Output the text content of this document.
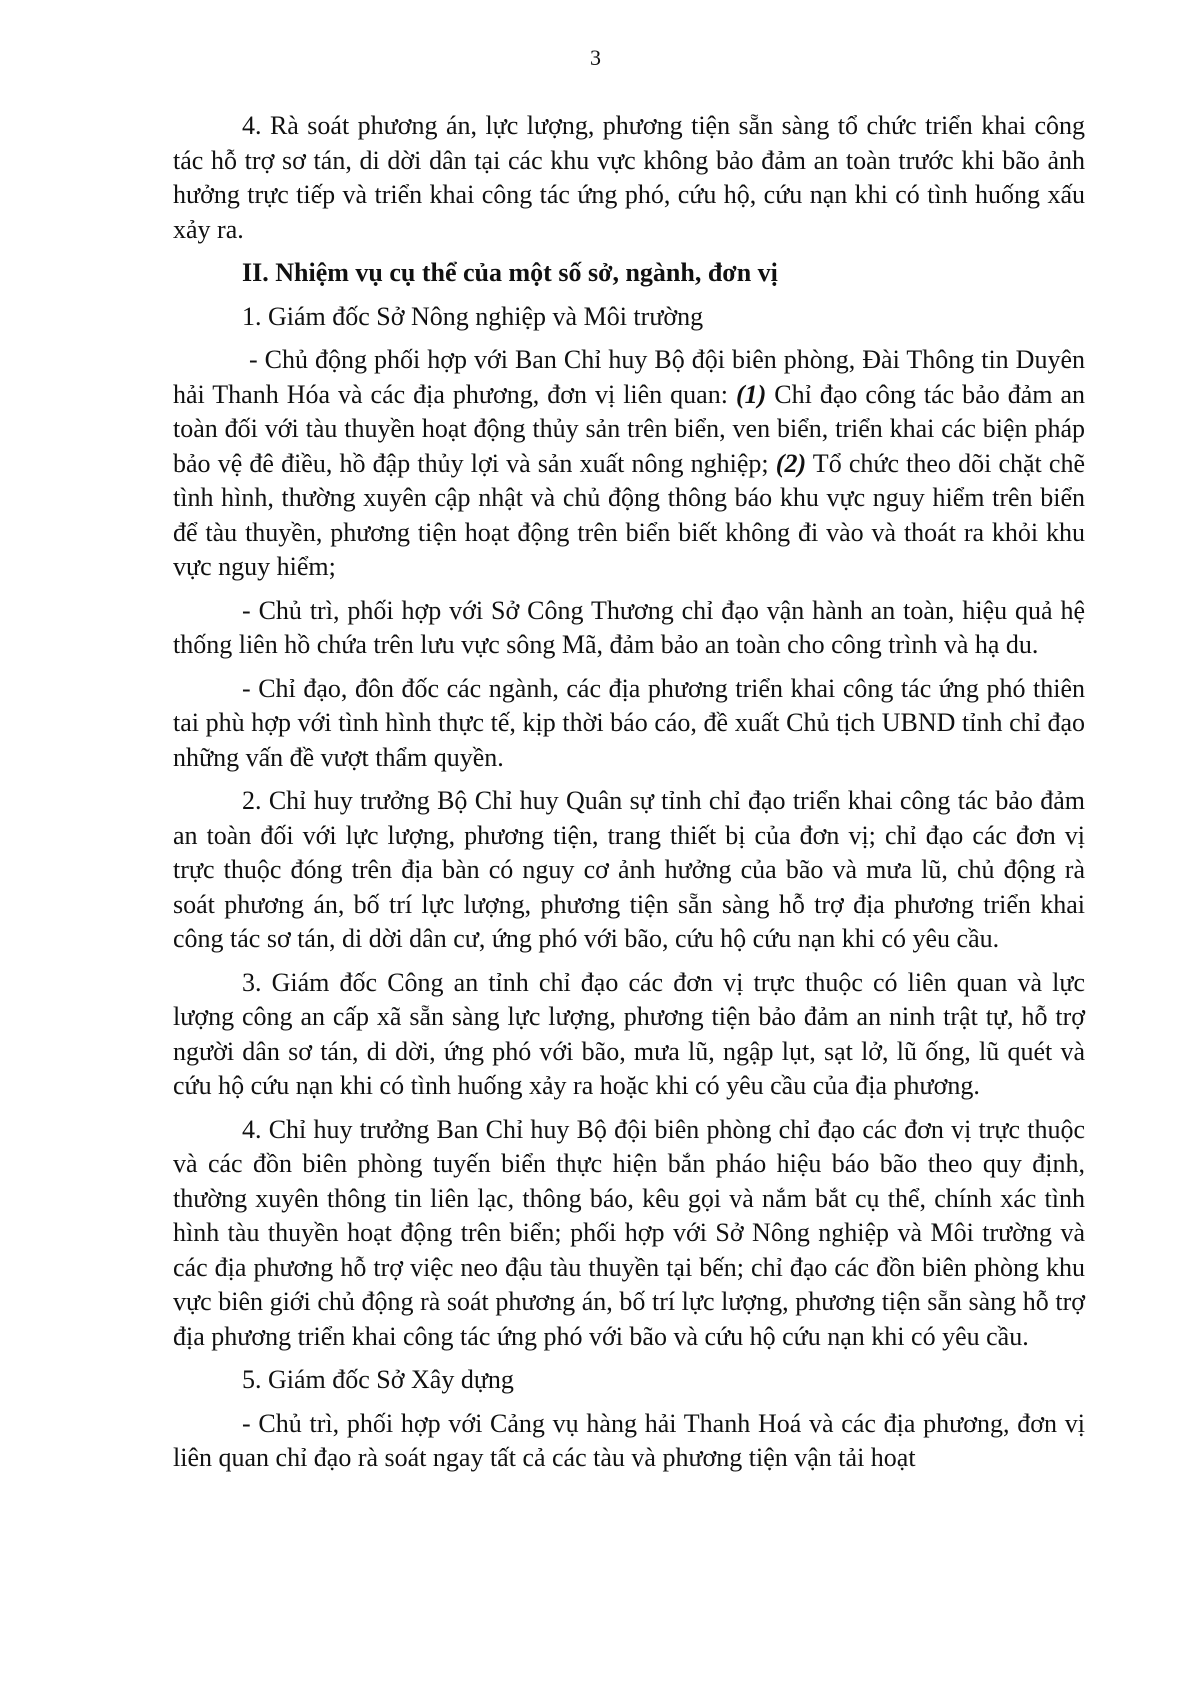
3

4. Rà soát phương án, lực lượng, phương tiện sẵn sàng tổ chức triển khai công tác hỗ trợ sơ tán, di dời dân tại các khu vực không bảo đảm an toàn trước khi bão ảnh hưởng trực tiếp và triển khai công tác ứng phó, cứu hộ, cứu nạn khi có tình huống xấu xảy ra.

II. Nhiệm vụ cụ thể của một số sở, ngành, đơn vị

1. Giám đốc Sở Nông nghiệp và Môi trường

- Chủ động phối hợp với Ban Chỉ huy Bộ đội biên phòng, Đài Thông tin Duyên hải Thanh Hóa và các địa phương, đơn vị liên quan: (1) Chỉ đạo công tác bảo đảm an toàn đối với tàu thuyền hoạt động thủy sản trên biển, ven biển, triển khai các biện pháp bảo vệ đê điều, hồ đập thủy lợi và sản xuất nông nghiệp; (2) Tổ chức theo dõi chặt chẽ tình hình, thường xuyên cập nhật và chủ động thông báo khu vực nguy hiểm trên biển để tàu thuyền, phương tiện hoạt động trên biển biết không đi vào và thoát ra khỏi khu vực nguy hiểm;

- Chủ trì, phối hợp với Sở Công Thương chỉ đạo vận hành an toàn, hiệu quả hệ thống liên hồ chứa trên lưu vực sông Mã, đảm bảo an toàn cho công trình và hạ du.

- Chỉ đạo, đôn đốc các ngành, các địa phương triển khai công tác ứng phó thiên tai phù hợp với tình hình thực tế, kịp thời báo cáo, đề xuất Chủ tịch UBND tỉnh chỉ đạo những vấn đề vượt thẩm quyền.

2. Chỉ huy trưởng Bộ Chỉ huy Quân sự tỉnh chỉ đạo triển khai công tác bảo đảm an toàn đối với lực lượng, phương tiện, trang thiết bị của đơn vị; chỉ đạo các đơn vị trực thuộc đóng trên địa bàn có nguy cơ ảnh hưởng của bão và mưa lũ, chủ động rà soát phương án, bố trí lực lượng, phương tiện sẵn sàng hỗ trợ địa phương triển khai công tác sơ tán, di dời dân cư, ứng phó với bão, cứu hộ cứu nạn khi có yêu cầu.

3. Giám đốc Công an tỉnh chỉ đạo các đơn vị trực thuộc có liên quan và lực lượng công an cấp xã sẵn sàng lực lượng, phương tiện bảo đảm an ninh trật tự, hỗ trợ người dân sơ tán, di dời, ứng phó với bão, mưa lũ, ngập lụt, sạt lở, lũ ống, lũ quét và cứu hộ cứu nạn khi có tình huống xảy ra hoặc khi có yêu cầu của địa phương.

4. Chỉ huy trưởng Ban Chỉ huy Bộ đội biên phòng chỉ đạo các đơn vị trực thuộc và các đồn biên phòng tuyến biển thực hiện bắn pháo hiệu báo bão theo quy định, thường xuyên thông tin liên lạc, thông báo, kêu gọi và nắm bắt cụ thể, chính xác tình hình tàu thuyền hoạt động trên biển; phối hợp với Sở Nông nghiệp và Môi trường và các địa phương hỗ trợ việc neo đậu tàu thuyền tại bến; chỉ đạo các đồn biên phòng khu vực biên giới chủ động rà soát phương án, bố trí lực lượng, phương tiện sẵn sàng hỗ trợ địa phương triển khai công tác ứng phó với bão và cứu hộ cứu nạn khi có yêu cầu.

5. Giám đốc Sở Xây dựng

- Chủ trì, phối hợp với Cảng vụ hàng hải Thanh Hoá và các địa phương, đơn vị liên quan chỉ đạo rà soát ngay tất cả các tàu và phương tiện vận tải hoạt
